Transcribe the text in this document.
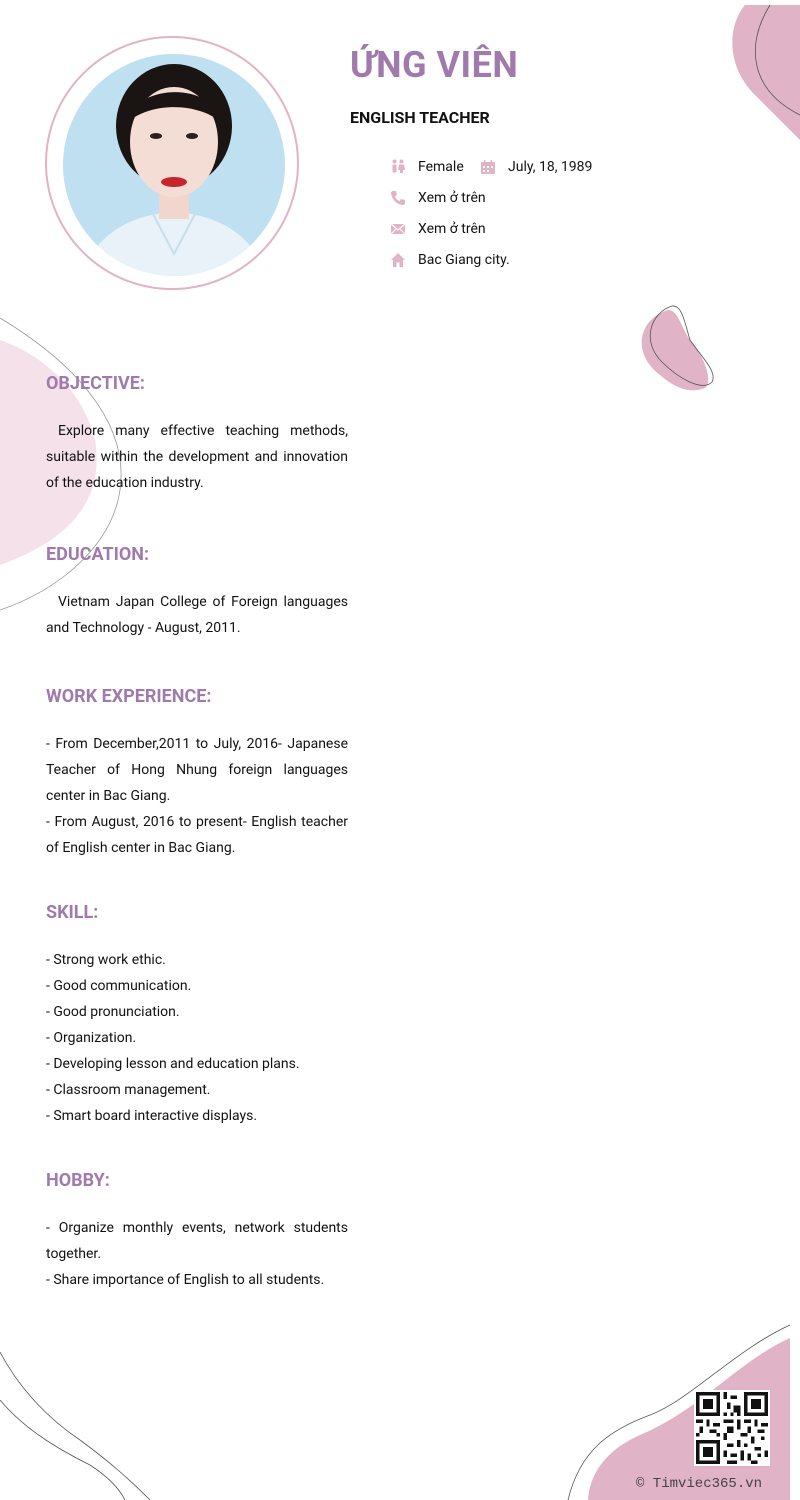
ỨNG VIÊN
ENGLISH TEACHER
Female	July, 18, 1989
Xem ở trên
Xem ở trên
Bac Giang city.
OBJECTIVE:

Explore many effective teaching methods, suitable within the development and innovation of the education industry.

EDUCATION:

Vietnam Japan College of Foreign languages and Technology - August, 2011.

WORK EXPERIENCE:

- From December,2011 to July, 2016- Japanese Teacher of Hong Nhung foreign languages center in Bac Giang.

- From August, 2016 to present- English teacher of English center in Bac Giang.

SKILL:

- Strong work ethic.

- Good communication.

- Good pronunciation.

- Organization.

- Developing lesson and education plans.

- Classroom management.

- Smart board interactive displays.

HOBBY:

- Organize monthly events, network students together.

- Share importance of English to all students.

© Timviec365.vn
